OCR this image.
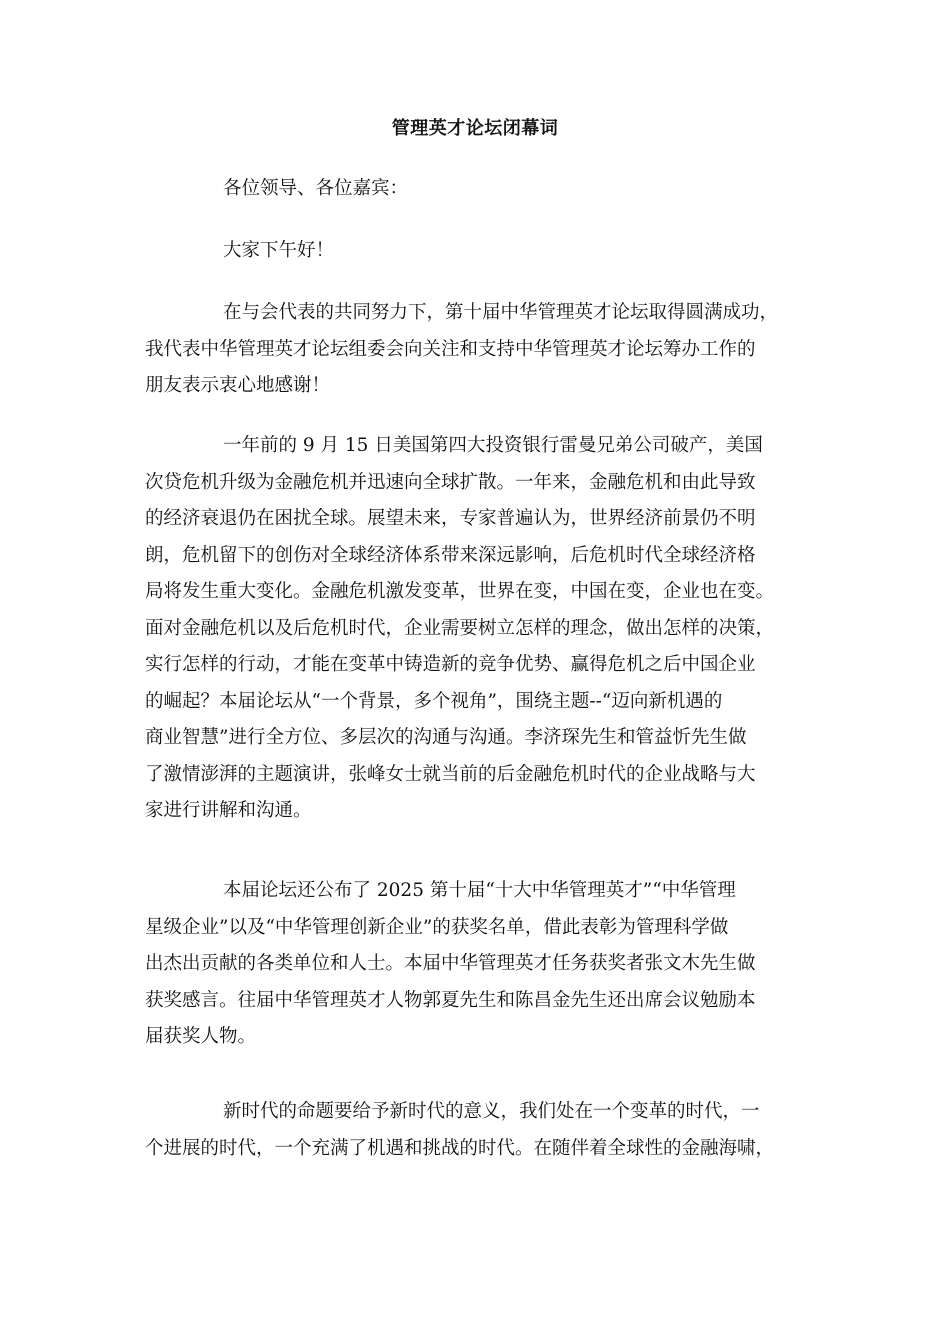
管理英才论坛闭幕词
各位领导、各位嘉宾：
大家下午好！
在与会代表的共同努力下，第十届中华管理英才论坛取得圆满成功，
我代表中华管理英才论坛组委会向关注和支持中华管理英才论坛筹办工作的
朋友表示衷心地感谢！
一年前的 9 月 15 日美国第四大投资银行雷曼兄弟公司破产，美国
次贷危机升级为金融危机并迅速向全球扩散。一年来，金融危机和由此导致
的经济衰退仍在困扰全球。展望未来，专家普遍认为，世界经济前景仍不明
朗，危机留下的创伤对全球经济体系带来深远影响，后危机时代全球经济格
局将发生重大变化。金融危机激发变革，世界在变，中国在变，企业也在变。
面对金融危机以及后危机时代，企业需要树立怎样的理念，做出怎样的决策，
实行怎样的行动，才能在变革中铸造新的竞争优势、赢得危机之后中国企业
的崛起？本届论坛从“一个背景，多个视角”，围绕主题--“迈向新机遇的
商业智慧”进行全方位、多层次的沟通与沟通。李济琛先生和管益忻先生做
了激情澎湃的主题演讲，张峰女士就当前的后金融危机时代的企业战略与大
家进行讲解和沟通。
本届论坛还公布了 2025 第十届“十大中华管理英才”“中华管理
星级企业”以及“中华管理创新企业”的获奖名单，借此表彰为管理科学做
出杰出贡献的各类单位和人士。本届中华管理英才任务获奖者张文木先生做
获奖感言。往届中华管理英才人物郭夏先生和陈昌金先生还出席会议勉励本
届获奖人物。
新时代的命题要给予新时代的意义，我们处在一个变革的时代，一
个进展的时代，一个充满了机遇和挑战的时代。在随伴着全球性的金融海啸，
